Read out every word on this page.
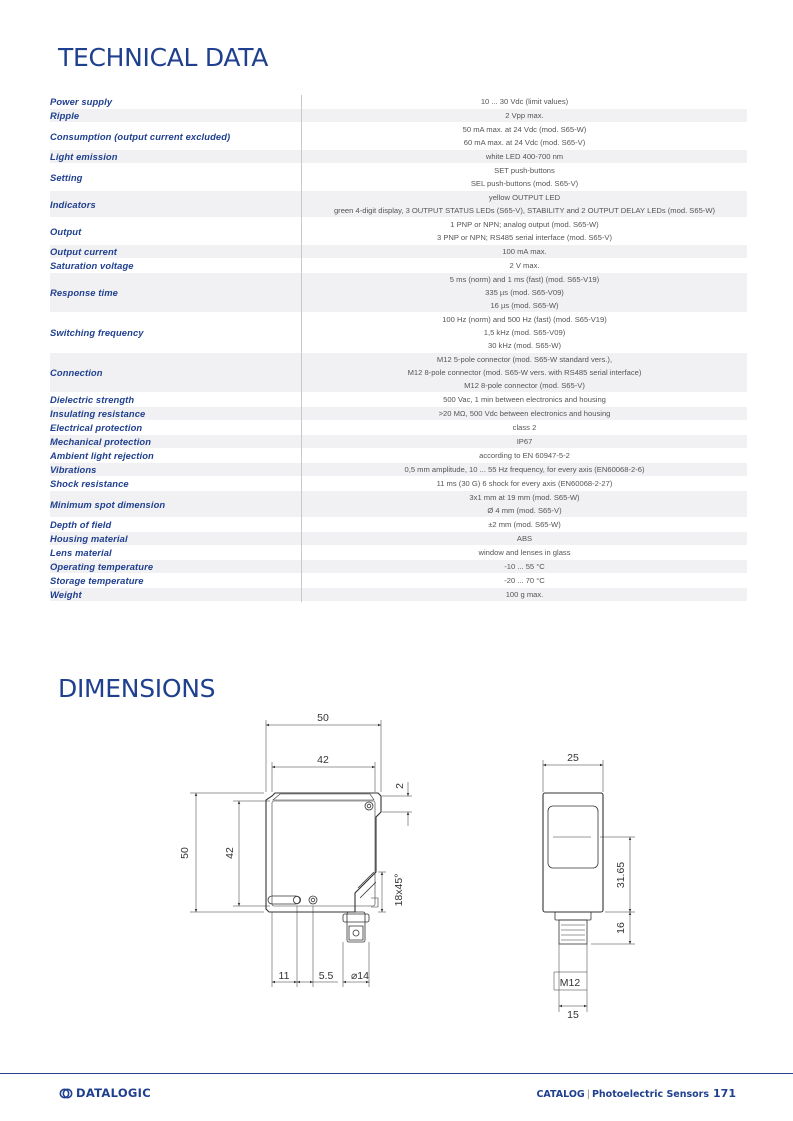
TECHNICAL DATA
Power supply	10 ... 30 Vdc (limit values)

Ripple	2 Vpp max.

Consumption (output current excluded)	50 mA max. at 24 Vdc (mod. S65-W)
60 mA max. at 24 Vdc (mod. S65-V)

Light emission	white LED 400-700 nm

Setting	SET push-buttons
SEL push-buttons (mod. S65-V)

Indicators	yellow OUTPUT LED
green 4-digit display, 3 OUTPUT STATUS LEDs (S65-V), STABILITY and 2 OUTPUT DELAY LEDs (mod. S65-W)

Output	1 PNP or NPN; analog output (mod. S65-W)
3 PNP or NPN; RS485 serial interface (mod. S65-V)

Output current	100 mA max.

Saturation voltage	2 V max.

Response time	5 ms (norm) and 1 ms (fast) (mod. S65-V19)
335 µs (mod. S65-V09)
16 µs (mod. S65-W)

Switching frequency	100 Hz (norm) and 500 Hz (fast) (mod. S65-V19)
1,5 kHz (mod. S65-V09)
30 kHz (mod. S65-W)

Connection	M12 5-pole connector (mod. S65-W standard vers.),
M12 8-pole connector (mod. S65-W vers. with RS485 serial interface)
M12 8-pole connector (mod. S65-V)

Dielectric strength	500 Vac, 1 min between electronics and housing

Insulating resistance	>20 MΩ, 500 Vdc between electronics and housing

Electrical protection	class 2

Mechanical protection	IP67

Ambient light rejection	according to EN 60947-5-2

Vibrations	0,5 mm amplitude, 10 ... 55 Hz frequency, for every axis (EN60068-2-6)

Shock resistance	11 ms (30 G) 6 shock for every axis (EN60068-2-27)

Minimum spot dimension	3x1 mm at 19 mm (mod. S65-W)
Ø 4 mm (mod. S65-V)

Depth of field	±2 mm (mod. S65-W)

Housing material	ABS

Lens material	window and lenses in glass

Operating temperature	-10 ... 55 °C

Storage temperature	-20 ... 70 °C

Weight	100 g max.
DIMENSIONS
50
42
50	42
2
18x45°
11	5.5 ⌀14
25
31.65
16
M12
15
DATALOGIC	CATALOG | Photoelectric Sensors 171
